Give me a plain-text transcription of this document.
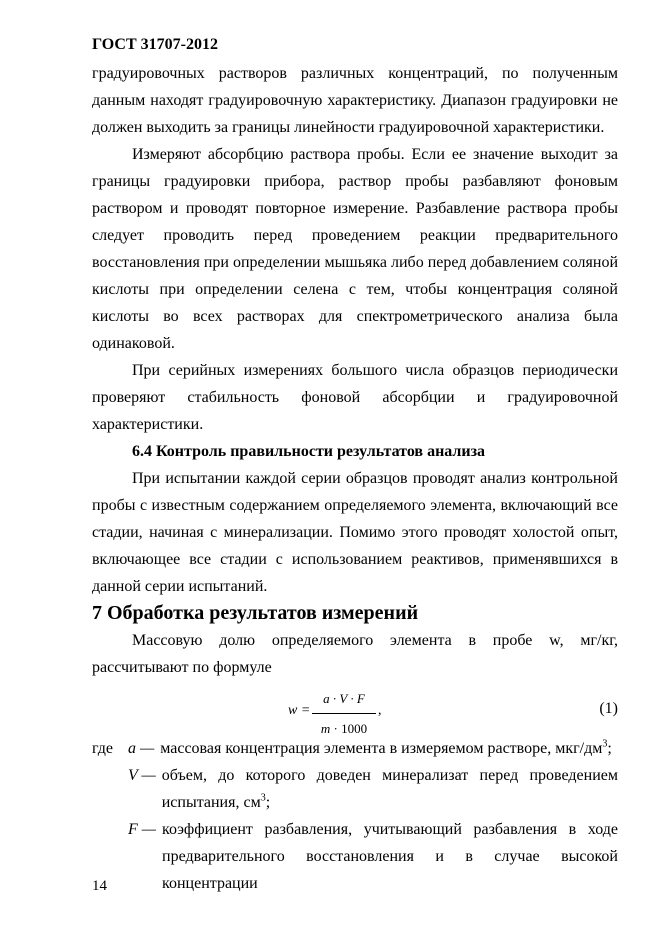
ГОСТ 31707-2012

градуировочных растворов различных концентраций, по полученным данным находят градуировочную характеристику. Диапазон градуировки не должен выходить за границы линейности градуировочной характеристики.

Измеряют абсорбцию раствора пробы. Если ее значение выходит за границы градуировки прибора, раствор пробы разбавляют фоновым раствором и проводят повторное измерение. Разбавление раствора пробы следует проводить перед проведением реакции предварительного восстановления при определении мышьяка либо перед добавлением соляной кислоты при определении селена с тем, чтобы концентрация соляной кислоты во всех растворах для спектрометрического анализа была одинаковой.

При серийных измерениях большого числа образцов периодически проверяют стабильность фоновой абсорбции и градуировочной характеристики.

6.4 Контроль правильности результатов анализа

При испытании каждой серии образцов проводят анализ контрольной пробы с известным содержанием определяемого элемента, включающий все стадии, начиная с минерализации. Помимо этого проводят холостой опыт, включающее все стадии с использованием реактивов, применявшихся в данной серии испытаний.

7 Обработка результатов измерений

Массовую долю определяемого элемента в пробе w, мг/кг, рассчитывают по формуле

$w = \frac{a \cdot V \cdot F}{m \cdot 1000}$ ,	(1)
где a — массовая концентрация элемента в измеряемом растворе, мкг/$дм^3$;
V — объем, до которого доведен минерализат перед проведением испытания, $см^3$;
F — коэффициент разбавления, учитывающий разбавления в ходе предварительного восстановления и в случае высокой концентрации
14
